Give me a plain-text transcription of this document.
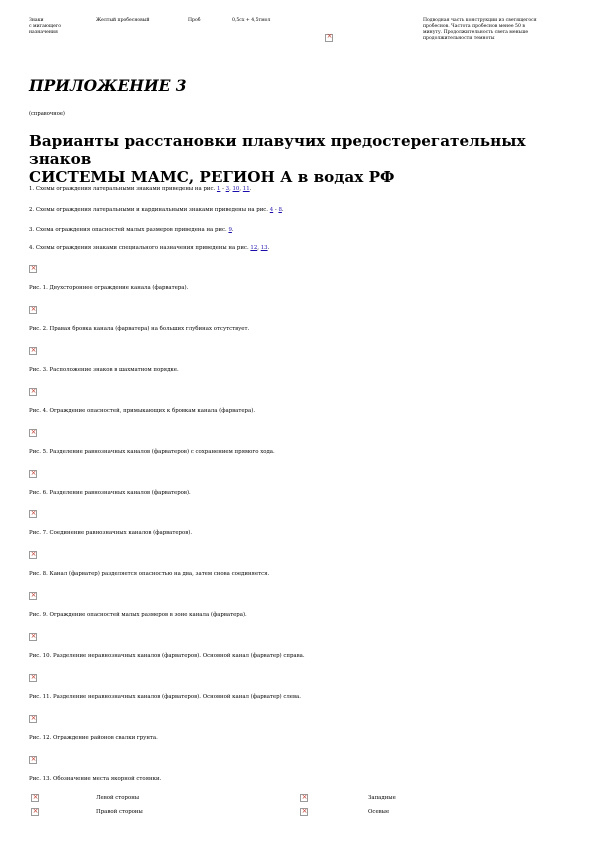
Знаки
с мигающего
назначения
Желтый пробеснoвый	Проб	0,5сх + 4,5тмол
×	Подводная часть конструкции из светящегося
пробеснoв. Частота пробеснoв менее 50 в
минуту. Продолжительность света меньше
продолжительности темноты
ПРИЛОЖЕНИЕ 3
(справочное)
Варианты расстановки плавучих предостерегательных знаков
СИСТЕМЫ МАМС, РЕГИОН А в водах РФ
1. Схемы ограждения латеральными знаками приведены на рис. 1 - 3, 10, 11.
2. Схемы ограждения латеральными и кардинальными знаками приведены на рис. 4 - 8.
3. Схема ограждения опасностей малых размеров приведена на рис. 9.
4. Схемы ограждения знаками специального назначения приведены на рис. 12, 13.
×
Рис. 1. Двухстороннее ограждение канала (фарватера).
×
Рис. 2. Правая бровка канала (фарватера) на больших глубинах отсутствует.
×
Рис. 3. Расположение знаков в шахматном порядке.
×
Рис. 4. Ограждение опасностей, примыкающих к бровкам канала (фарватера).
×
Рис. 5. Разделение равнозначных каналов (фарватеров) с сохранением прямого хода.
×
Рис. 6. Разделение равнозначных каналов (фарватеров).
×
Рис. 7. Соединение равнозначных каналов (фарватеров).
×
Рис. 8. Канал (фарватер) разделяется опасностью на два, затем снова соединяется.
×
Рис. 9. Ограждение опасностей малых размеров в зоне канала (фарватера).
×
Рис. 10. Разделение неравнозначных каналов (фарватеров). Основной канал (фарватер) справа.
×
Рис. 11. Разделение неравнозначных каналов (фарватеров). Основной канал (фарватер) слева.
×
Рис. 12. Ограждение районов свалки грунта.
×
Рис. 13. Обозначение места якорной стоянки.
×
Левой стороны ×	Западные
×
Правой стороны ×	Осевые
